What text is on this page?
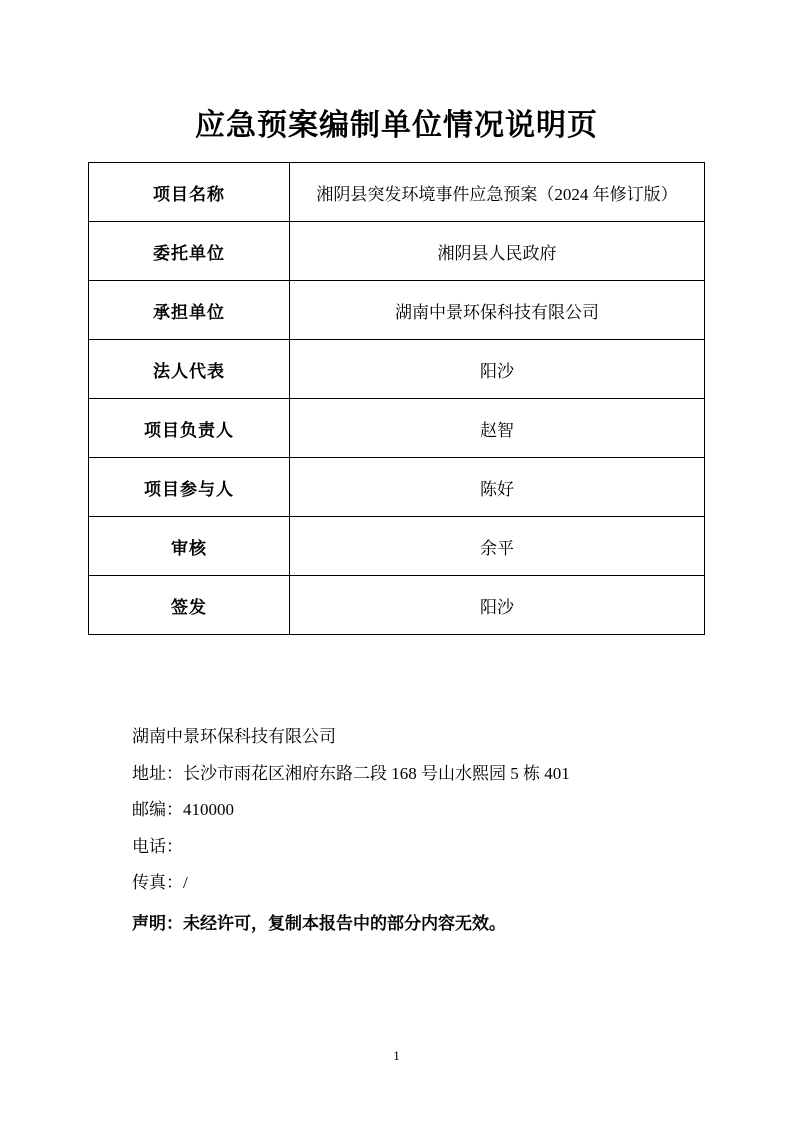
应急预案编制单位情况说明页
项目名称	湘阴县突发环境事件应急预案（2024 年修订版）
委托单位	湘阴县人民政府
承担单位	湖南中景环保科技有限公司
法人代表	阳沙
项目负责人	赵智
项目参与人	陈好
审核	余平
签发	阳沙
湖南中景环保科技有限公司
地址：长沙市雨花区湘府东路二段 168 号山水熙园 5 栋 401
邮编：410000
电话：
传真：/
声明：未经许可，复制本报告中的部分内容无效。
1
